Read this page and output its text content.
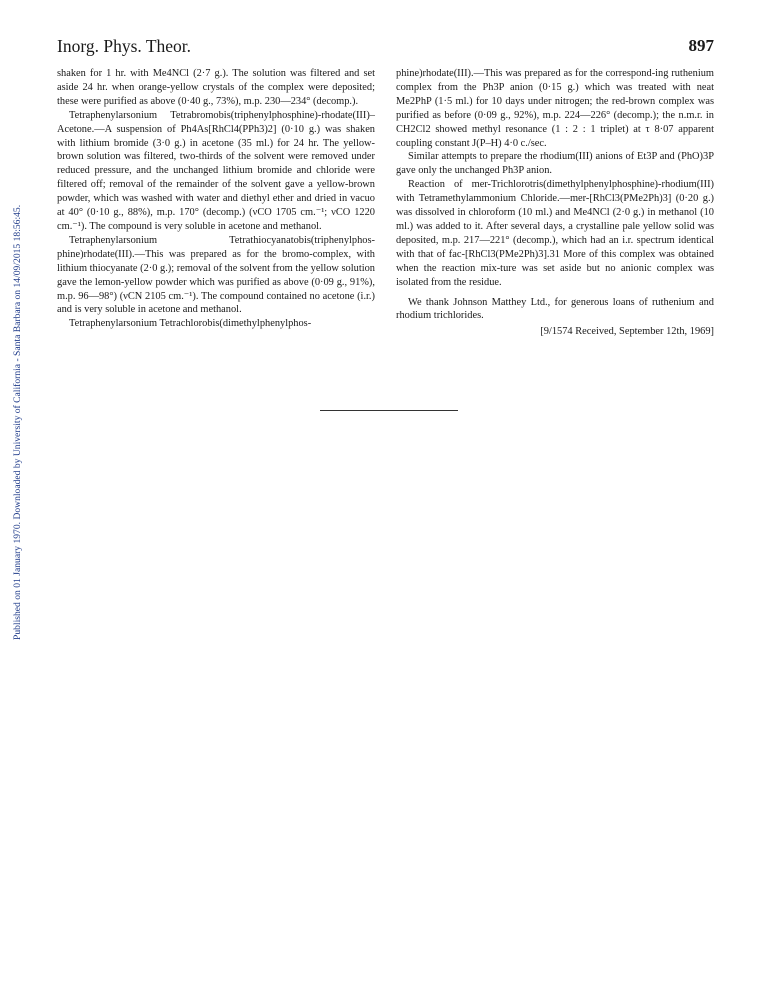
Published on 01 January 1970. Downloaded by University of California - Santa Barbara on 14/09/2015 18:56:45.
Inorg. Phys. Theor.	897

shaken for 1 hr. with Me4NCl (2·7 g.). The solution was filtered and set aside 24 hr. when orange-yellow crystals of the complex were deposited; these were purified as above (0·40 g., 73%), m.p. 230—234° (decomp.).

Tetraphenylarsonium Tetrabromobis(triphenylphosphine)-rhodate(III)–Acetone.—A suspension of Ph4As[RhCl4(PPh3)2] (0·10 g.) was shaken with lithium bromide (3·0 g.) in acetone (35 ml.) for 24 hr. The yellow-brown solution was filtered, two-thirds of the solvent were removed under reduced pressure, and the unchanged lithium bromide and chloride were filtered off; removal of the remainder of the solvent gave a yellow-brown powder, which was washed with water and diethyl ether and dried in vacuo at 40° (0·10 g., 88%), m.p. 170° (decomp.) (νCO 1705 cm.⁻¹; νCO 1220 cm.⁻¹). The compound is very soluble in acetone and methanol.

Tetraphenylarsonium Tetrathiocyanatobis(triphenylphos-phine)rhodate(III).—This was prepared as for the bromo-complex, with lithium thiocyanate (2·0 g.); removal of the solvent from the yellow solution gave the lemon-yellow powder which was purified as above (0·09 g., 91%), m.p. 96—98°) (νCN 2105 cm.⁻¹). The compound contained no acetone (i.r.) and is very soluble in acetone and methanol.

Tetraphenylarsonium Tetrachlorobis(dimethylphenylphos-

phine)rhodate(III).—This was prepared as for the correspond-ing ruthenium complex from the Ph3P anion (0·15 g.) which was treated with neat Me2PhP (1·5 ml.) for 10 days under nitrogen; the red-brown complex was purified as before (0·09 g., 92%), m.p. 224—226° (decomp.); the n.m.r. in CH2Cl2 showed methyl resonance (1 : 2 : 1 triplet) at τ 8·07 apparent coupling constant J(P–H) 4·0 c./sec.

Similar attempts to prepare the rhodium(III) anions of Et3P and (PhO)3P gave only the unchanged Ph3P anion.

Reaction of mer-Trichlorotris(dimethylphenylphosphine)-rhodium(III) with Tetramethylammonium Chloride.—mer-[RhCl3(PMe2Ph)3] (0·20 g.) was dissolved in chloroform (10 ml.) and Me4NCl (2·0 g.) in methanol (10 ml.) was added to it. After several days, a crystalline pale yellow solid was deposited, m.p. 217—221° (decomp.), which had an i.r. spectrum identical with that of fac-[RhCl3(PMe2Ph)3].31 More of this complex was obtained when the reaction mix-ture was set aside but no anionic complex was isolated from the residue.

We thank Johnson Matthey Ltd., for generous loans of ruthenium and rhodium trichlorides.

[9/1574 Received, September 12th, 1969]
